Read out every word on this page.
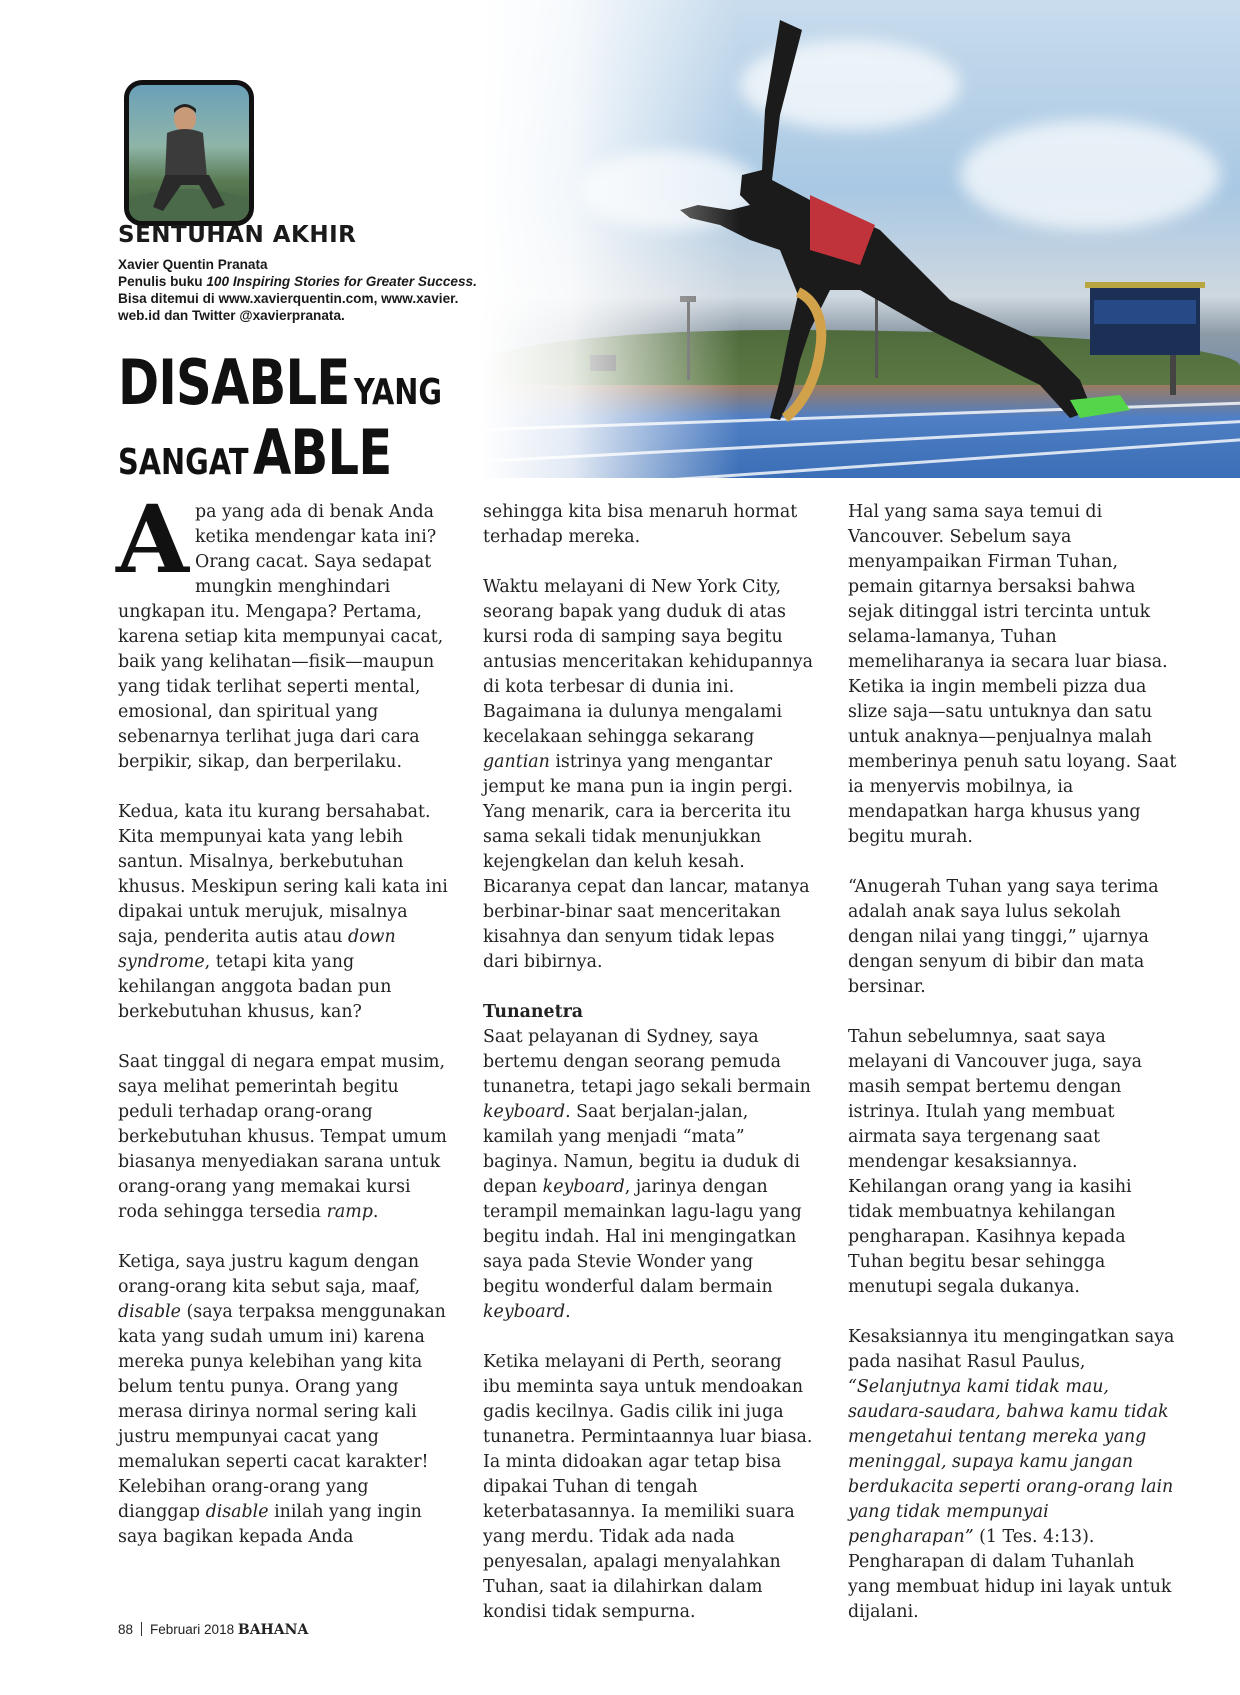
SENTUHAN AKHIR

Xavier Quentin Pranata

Penulis buku 100 Inspiring Stories for Greater Success.

Bisa ditemui di www.xavierquentin.com, www.xavier.

web.id dan Twitter @xavierpranata.

DISABLE YANG
SANGAT ABLE

Apa yang ada di benak Anda ketika mendengar kata ini? Orang cacat. Saya sedapat mungkin menghindari ungkapan itu. Mengapa? Pertama, karena setiap kita mempunyai cacat, baik yang kelihatan—fisik—maupun yang tidak terlihat seperti mental, emosional, dan spiritual yang sebenarnya terlihat juga dari cara berpikir, sikap, dan berperilaku.

Kedua, kata itu kurang bersahabat. Kita mempunyai kata yang lebih santun. Misalnya, berkebutuhan khusus. Meskipun sering kali kata ini dipakai untuk merujuk, misalnya saja, penderita autis atau down syndrome, tetapi kita yang kehilangan anggota badan pun berkebutuhan khusus, kan?

Saat tinggal di negara empat musim, saya melihat pemerintah begitu peduli terhadap orang-orang berkebutuhan khusus. Tempat umum biasanya menyediakan sarana untuk orang-orang yang memakai kursi roda sehingga tersedia ramp.

Ketiga, saya justru kagum dengan orang-orang kita sebut saja, maaf, disable (saya terpaksa menggunakan kata yang sudah umum ini) karena mereka punya kelebihan yang kita belum tentu punya. Orang yang merasa dirinya normal sering kali justru mempunyai cacat yang memalukan seperti cacat karakter! Kelebihan orang-orang yang dianggap disable inilah yang ingin saya bagikan kepada Anda

sehingga kita bisa menaruh hormat terhadap mereka.

Waktu melayani di New York City, seorang bapak yang duduk di atas kursi roda di samping saya begitu antusias menceritakan kehidupannya di kota terbesar di dunia ini. Bagaimana ia dulunya mengalami kecelakaan sehingga sekarang gantian istrinya yang mengantar jemput ke mana pun ia ingin pergi. Yang menarik, cara ia bercerita itu sama sekali tidak menunjukkan kejengkelan dan keluh kesah. Bicaranya cepat dan lancar, matanya berbinar-binar saat menceritakan kisahnya dan senyum tidak lepas dari bibirnya.

Tunanetra

Saat pelayanan di Sydney, saya bertemu dengan seorang pemuda tunanetra, tetapi jago sekali bermain keyboard. Saat berjalan-jalan, kamilah yang menjadi “mata” baginya. Namun, begitu ia duduk di depan keyboard, jarinya dengan terampil memainkan lagu-lagu yang begitu indah. Hal ini mengingatkan saya pada Stevie Wonder yang begitu wonderful dalam bermain keyboard.

Ketika melayani di Perth, seorang ibu meminta saya untuk mendoakan gadis kecilnya. Gadis cilik ini juga tunanetra. Permintaannya luar biasa. Ia minta didoakan agar tetap bisa dipakai Tuhan di tengah keterbatasannya. Ia memiliki suara yang merdu. Tidak ada nada penyesalan, apalagi menyalahkan Tuhan, saat ia dilahirkan dalam kondisi tidak sempurna.

Hal yang sama saya temui di Vancouver. Sebelum saya menyampaikan Firman Tuhan, pemain gitarnya bersaksi bahwa sejak ditinggal istri tercinta untuk selama-lamanya, Tuhan memeliharanya ia secara luar biasa. Ketika ia ingin membeli pizza dua slize saja—satu untuknya dan satu untuk anaknya—penjualnya malah memberinya penuh satu loyang. Saat ia menyervis mobilnya, ia mendapatkan harga khusus yang begitu murah.

“Anugerah Tuhan yang saya terima adalah anak saya lulus sekolah dengan nilai yang tinggi,” ujarnya dengan senyum di bibir dan mata bersinar.

Tahun sebelumnya, saat saya melayani di Vancouver juga, saya masih sempat bertemu dengan istrinya. Itulah yang membuat airmata saya tergenang saat mendengar kesaksiannya. Kehilangan orang yang ia kasihi tidak membuatnya kehilangan pengharapan. Kasihnya kepada Tuhan begitu besar sehingga menutupi segala dukanya.

Kesaksiannya itu mengingatkan saya pada nasihat Rasul Paulus, “Selanjutnya kami tidak mau, saudara-saudara, bahwa kamu tidak mengetahui tentang mereka yang meninggal, supaya kamu jangan berdukacita seperti orang-orang lain yang tidak mempunyai pengharapan” (1 Tes. 4:13). Pengharapan di dalam Tuhanlah yang membuat hidup ini layak untuk dijalani.

88 Februari 2018 BAHANA
